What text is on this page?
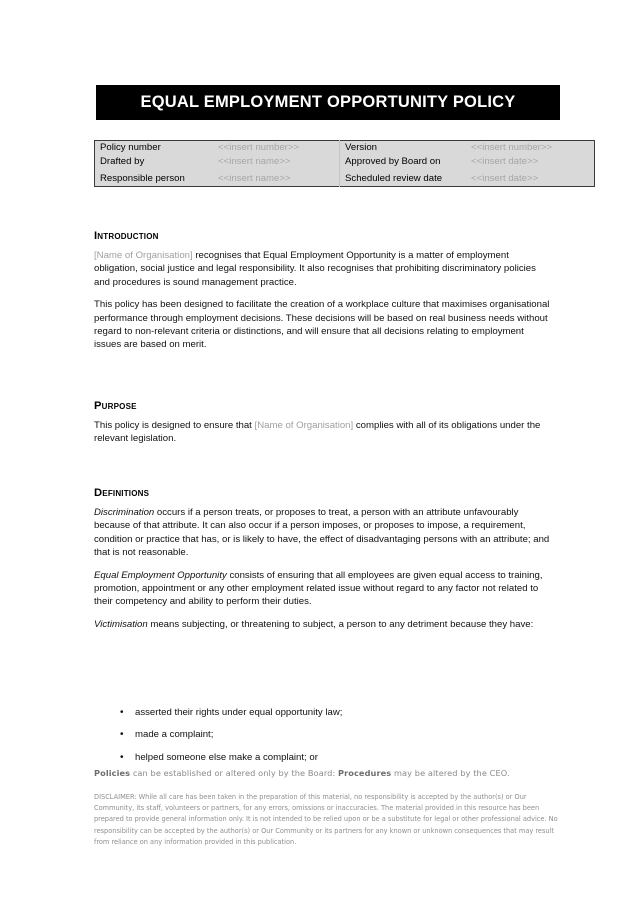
EQUAL EMPLOYMENT OPPORTUNITY POLICY
Policy number	<<insert number>>	Version	<<insert number>>
Drafted by	<<insert name>>	Approved by Board on	<<insert date>>
Responsible person	<<insert name>>	Scheduled review date	<<insert date>>
Introduction

[Name of Organisation] recognises that Equal Employment Opportunity is a matter of employment obligation, social justice and legal responsibility. It also recognises that prohibiting discriminatory policies and procedures is sound management practice.

This policy has been designed to facilitate the creation of a workplace culture that maximises organisational performance through employment decisions. These decisions will be based on real business needs without regard to non-relevant criteria or distinctions, and will ensure that all decisions relating to employment issues are based on merit.

Purpose

This policy is designed to ensure that [Name of Organisation] complies with all of its obligations under the relevant legislation.

Definitions

Discrimination occurs if a person treats, or proposes to treat, a person with an attribute unfavourably because of that attribute. It can also occur if a person imposes, or proposes to impose, a requirement, condition or practice that has, or is likely to have, the effect of disadvantaging persons with an attribute; and that is not reasonable.

Equal Employment Opportunity consists of ensuring that all employees are given equal access to training, promotion, appointment or any other employment related issue without regard to any factor not related to their competency and ability to perform their duties.

Victimisation means subjecting, or threatening to subject, a person to any detriment because they have:

• asserted their rights under equal opportunity law;
• made a complaint;
• helped someone else make a complaint; or
Policies can be established or altered only by the Board: Procedures may be altered by the CEO.
DISCLAIMER: While all care has been taken in the preparation of this material, no responsibility is accepted by the author(s) or Our Community, its staff, volunteers or partners, for any errors, omissions or inaccuracies. The material provided in this resource has been prepared to provide general information only. It is not intended to be relied upon or be a substitute for legal or other professional advice. No responsibility can be accepted by the author(s) or Our Community or its partners for any known or unknown consequences that may result from reliance on any information provided in this publication.
